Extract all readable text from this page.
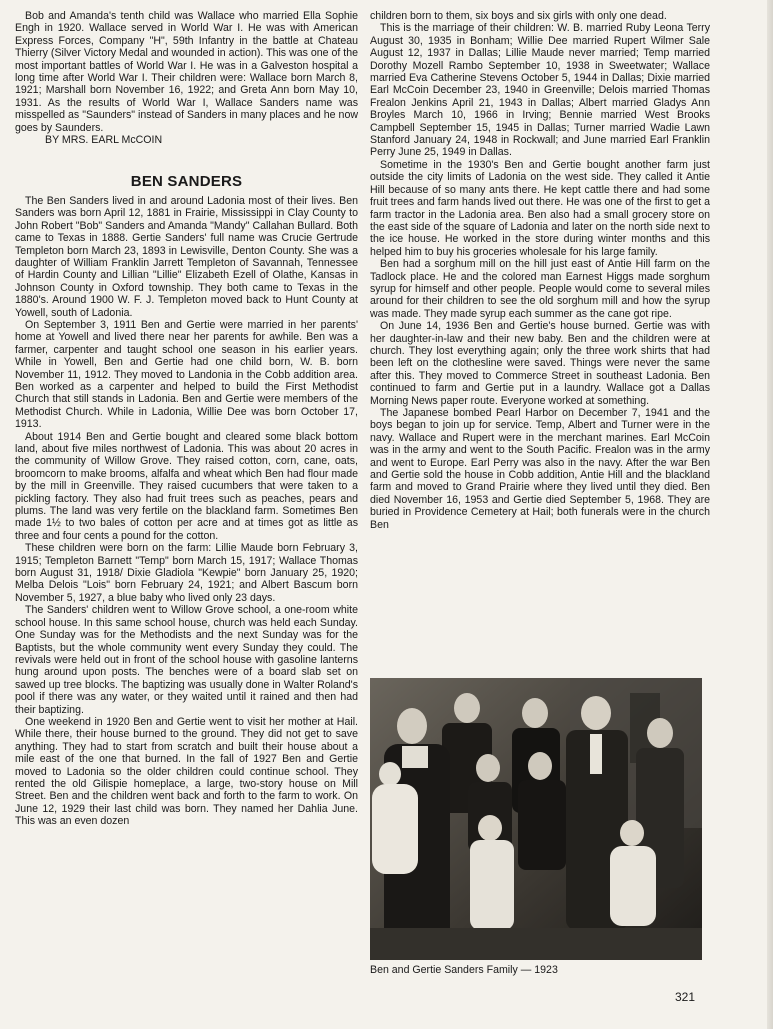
Bob and Amanda's tenth child was Wallace who married Ella Sophie Engh in 1920. Wallace served in World War I. He was with American Express Forces, Company "H", 59th Infantry in the battle at Chateau Thierry (Silver Victory Medal and wounded in action). This was one of the most important battles of World War I. He was in a Galveston hospital a long time after World War I. Their children were: Wallace born March 8, 1921; Marshall born November 16, 1922; and Greta Ann born May 10, 1931. As the results of World War I, Wallace Sanders name was misspelled as "Saunders" instead of Sanders in many places and he now goes by Saunders.

BY MRS. EARL McCOIN

BEN SANDERS

The Ben Sanders lived in and around Ladonia most of their lives. Ben Sanders was born April 12, 1881 in Frairie, Mississippi in Clay County to John Robert "Bob" Sanders and Amanda "Mandy" Callahan Bullard. Both came to Texas in 1888. Gertie Sanders' full name was Crucie Gertrude Templeton born March 23, 1893 in Lewisville, Denton County. She was a daughter of William Franklin Jarrett Templeton of Savannah, Tennessee of Hardin County and Lillian "Lillie" Elizabeth Ezell of Olathe, Kansas in Johnson County in Oxford township. They both came to Texas in the 1880's. Around 1900 W. F. J. Templeton moved back to Hunt County at Yowell, south of Ladonia.

On September 3, 1911 Ben and Gertie were married in her parents' home at Yowell and lived there near her parents for awhile. Ben was a farmer, carpenter and taught school one season in his earlier years. While in Yowell, Ben and Gertie had one child born, W. B. born November 11, 1912. They moved to Landonia in the Cobb addition area. Ben worked as a carpenter and helped to build the First Methodist Church that still stands in Ladonia. Ben and Gertie were members of the Methodist Church. While in Ladonia, Willie Dee was born October 17, 1913.

About 1914 Ben and Gertie bought and cleared some black bottom land, about five miles northwest of Ladonia. This was about 20 acres in the community of Willow Grove. They raised cotton, corn, cane, oats, broomcorn to make brooms, alfalfa and wheat which Ben had flour made by the mill in Greenville. They raised cucumbers that were taken to a pickling factory. They also had fruit trees such as peaches, pears and plums. The land was very fertile on the blackland farm. Sometimes Ben made 1½ to two bales of cotton per acre and at times got as little as three and four cents a pound for the cotton.

These children were born on the farm: Lillie Maude born February 3, 1915; Templeton Barnett "Temp" born March 15, 1917; Wallace Thomas born August 31, 1918/ Dixie Gladiola "Kewpie" born January 25, 1920; Melba Delois "Lois" born February 24, 1921; and Albert Bascum born November 5, 1927, a blue baby who lived only 23 days.

The Sanders' children went to Willow Grove school, a one-room white school house. In this same school house, church was held each Sunday. One Sunday was for the Methodists and the next Sunday was for the Baptists, but the whole community went every Sunday they could. The revivals were held out in front of the school house with gasoline lanterns hung around upon posts. The benches were of a board slab set on sawed up tree blocks. The baptizing was usually done in Walter Roland's pool if there was any water, or they waited until it rained and then had their baptizing.

One weekend in 1920 Ben and Gertie went to visit her mother at Hail. While there, their house burned to the ground. They did not get to save anything. They had to start from scratch and built their house about a mile east of the one that burned. In the fall of 1927 Ben and Gertie moved to Ladonia so the older children could continue school. They rented the old Gilispie homeplace, a large, two-story house on Mill Street. Ben and the children went back and forth to the farm to work. On June 12, 1929 their last child was born. They named her Dahlia June. This was an even dozen

children born to them, six boys and six girls with only one dead.

This is the marriage of their children: W. B. married Ruby Leona Terry August 30, 1935 in Bonham; Willie Dee married Rupert Wilmer Sale August 12, 1937 in Dallas; Lillie Maude never married; Temp married Dorothy Mozell Rambo September 10, 1938 in Sweetwater; Wallace married Eva Catherine Stevens October 5, 1944 in Dallas; Dixie married Earl McCoin December 23, 1940 in Greenville; Delois married Thomas Frealon Jenkins April 21, 1943 in Dallas; Albert married Gladys Ann Broyles March 10, 1966 in Irving; Bennie married West Brooks Campbell September 15, 1945 in Dallas; Turner married Wadie Lawn Stanford January 24, 1948 in Rockwall; and June married Earl Franklin Perry June 25, 1949 in Dallas.

Sometime in the 1930's Ben and Gertie bought another farm just outside the city limits of Ladonia on the west side. They called it Antie Hill because of so many ants there. He kept cattle there and had some fruit trees and farm hands lived out there. He was one of the first to get a farm tractor in the Ladonia area. Ben also had a small grocery store on the east side of the square of Ladonia and later on the north side next to the ice house. He worked in the store during winter months and this helped him to buy his groceries wholesale for his large family.

Ben had a sorghum mill on the hill just east of Antie Hill farm on the Tadlock place. He and the colored man Earnest Higgs made sorghum syrup for himself and other people. People would come to several miles around for their children to see the old sorghum mill and how the syrup was made. They made syrup each summer as the cane got ripe.

On June 14, 1936 Ben and Gertie's house burned. Gertie was with her daughter-in-law and their new baby. Ben and the children were at church. They lost everything again; only the three work shirts that had been left on the clothesline were saved. Things were never the same after this. They moved to Commerce Street in southeast Ladonia. Ben continued to farm and Gertie put in a laundry. Wallace got a Dallas Morning News paper route. Everyone worked at something.

The Japanese bombed Pearl Harbor on December 7, 1941 and the boys began to join up for service. Temp, Albert and Turner were in the navy. Wallace and Rupert were in the merchant marines. Earl McCoin was in the army and went to the South Pacific. Frealon was in the army and went to Europe. Earl Perry was also in the navy. After the war Ben and Gertie sold the house in Cobb addition, Antie Hill and the blackland farm and moved to Grand Prairie where they lived until they died. Ben died November 16, 1953 and Gertie died September 5, 1968. They are buried in Providence Cemetery at Hail; both funerals were in the church Ben

Ben and Gertie Sanders Family — 1923
321
